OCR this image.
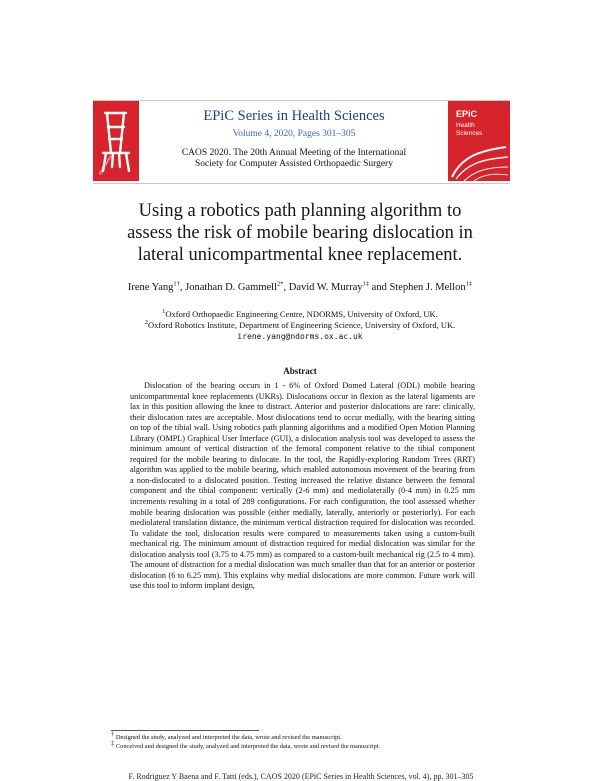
EPiC Series
EPiC Series in Health Sciences
Volume 4, 2020, Pages 301–305
CAOS 2020. The 20th Annual Meeting of the International
Society for Computer Assisted Orthopaedic Surgery
EPiC
Health
Sciences
Using a robotics path planning algorithm to
assess the risk of mobile bearing dislocation in
lateral unicompartmental knee replacement.
Irene Yang$^{1\dagger}$, Jonathan D. Gammell$^{2*}$, David W. Murray$^{1\ddagger}$ and Stephen J. Mellon$^{1\ddagger}$
$^1$Oxford Orthopaedic Engineering Centre, NDORMS, University of Oxford, UK.
$^2$Oxford Robotics Institute, Department of Engineering Science, University of Oxford, UK.
irene.yang@ndorms.ox.ac.uk
Abstract

Dislocation of the bearing occurs in 1 - 6% of Oxford Domed Lateral (ODL) mobile bearing unicompartmental knee replacements (UKRs). Dislocations occur in flexion as the lateral ligaments are lax in this position allowing the knee to distract. Anterior and posterior dislocations are rare: clinically, their dislocation rates are acceptable. Most dislocations tend to occur medially, with the bearing sitting on top of the tibial wall. Using robotics path planning algorithms and a modified Open Motion Planning Library (OMPL) Graphical User Interface (GUI), a dislocation analysis tool was developed to assess the minimum amount of vertical distraction of the femoral component relative to the tibial component required for the mobile bearing to dislocate. In the tool, the Rapidly-exploring Random Trees (RRT) algorithm was applied to the mobile bearing, which enabled autonomous movement of the bearing from a non-dislocated to a dislocated position. Testing increased the relative distance between the femoral component and the tibial component: vertically (2-6 mm) and mediolaterally (0-4 mm) in 0.25 mm increments resulting in a total of 289 configurations. For each configuration, the tool assessed whether mobile bearing dislocation was possible (either medially, laterally, anteriorly or posteriorly). For each mediolateral translation distance, the minimum vertical distraction required for dislocation was recorded. To validate the tool, dislocation results were compared to measurements taken using a custom-built mechanical rig. The minimum amount of distraction required for medial dislocation was similar for the dislocation analysis tool (3.75 to 4.75 mm) as compared to a custom-built mechanical rig (2.5 to 4 mm). The amount of distraction for a medial dislocation was much smaller than that for an anterior or posterior dislocation (6 to 6.25 mm). This explains why medial dislocations are more common. Future work will use this tool to inform implant design,

† Designed the study, analyzed and interpreted the data, wrote and revised the manuscript.
‡ Conceived and designed the study, analyzed and interpreted the data, wrote and revised the manuscript.
F. Rodriguez Y Baena and F. Tatti (eds.), CAOS 2020 (EPiC Series in Health Sciences, vol. 4), pp. 301–305
